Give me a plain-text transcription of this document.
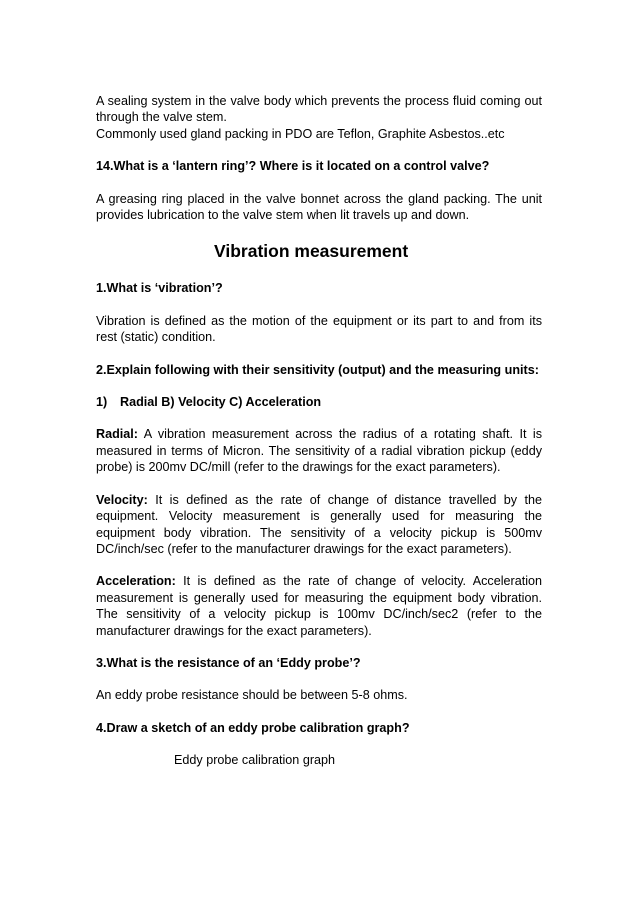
A sealing system in the valve body which prevents the process fluid coming out through the valve stem.

Commonly used gland packing in PDO are Teflon, Graphite Asbestos..etc

14.What is a ‘lantern ring’? Where is it located on a control valve?

A greasing ring placed in the valve bonnet across the gland packing. The unit provides lubrication to the valve stem when lit travels up and down.

Vibration measurement

1.What is ‘vibration’?

Vibration is defined as the motion of the equipment or its part to and from its rest (static) condition.

2.Explain following with their sensitivity (output) and the measuring units:

1) Radial B) Velocity C) Acceleration

Radial: A vibration measurement across the radius of a rotating shaft. It is measured in terms of Micron. The sensitivity of a radial vibration pickup (eddy probe) is 200mv DC/mill (refer to the drawings for the exact parameters).

Velocity: It is defined as the rate of change of distance travelled by the equipment. Velocity measurement is generally used for measuring the equipment body vibration. The sensitivity of a velocity pickup is 500mv DC/inch/sec (refer to the manufacturer drawings for the exact parameters).

Acceleration: It is defined as the rate of change of velocity. Acceleration measurement is generally used for measuring the equipment body vibration. The sensitivity of a velocity pickup is 100mv DC/inch/sec2 (refer to the manufacturer drawings for the exact parameters).

3.What is the resistance of an ‘Eddy probe’?

An eddy probe resistance should be between 5-8 ohms.

4.Draw a sketch of an eddy probe calibration graph?

Eddy probe calibration graph
